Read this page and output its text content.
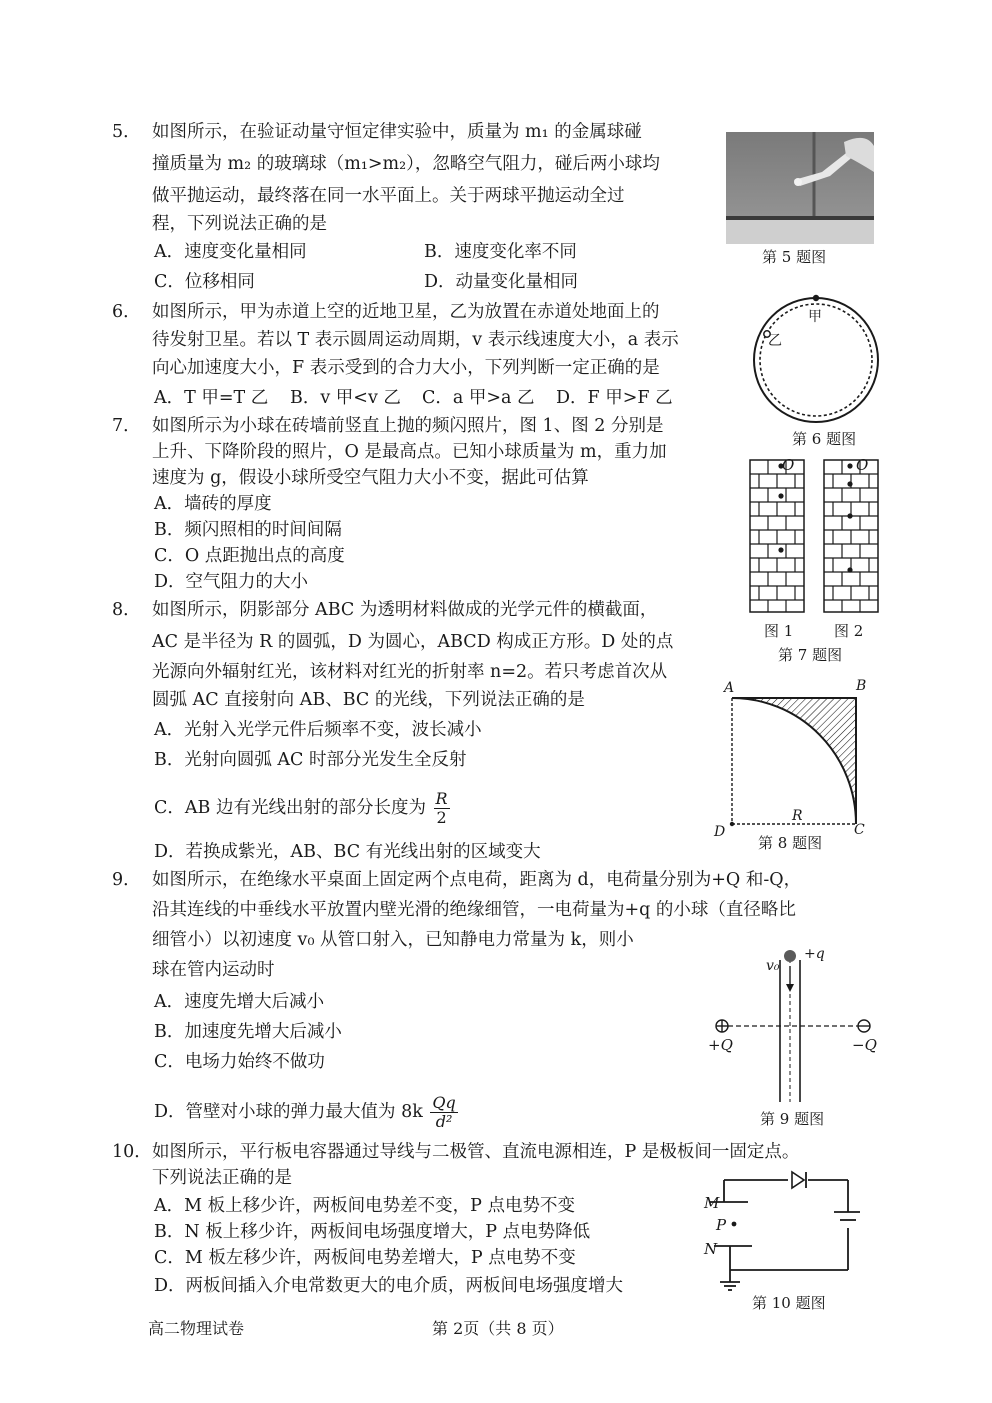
5． 如图所示，在验证动量守恒定律实验中，质量为 m₁ 的金属球碰
撞质量为 m₂ 的玻璃球（m₁>m₂），忽略空气阻力，碰后两小球均
做平抛运动，最终落在同一水平面上。关于两球平抛运动全过
程，下列说法正确的是
A．速度变化量相同	B．速度变化率不同
C．位移相同	D．动量变化量相同
第 5 题图
6． 如图所示，甲为赤道上空的近地卫星，乙为放置在赤道处地面上的
待发射卫星。若以 T 表示圆周运动周期，v 表示线速度大小，a 表示
向心加速度大小，F 表示受到的合力大小，下列判断一定正确的是
A．T 甲=T 乙 B．v 甲<v 乙 C．a 甲>a 乙 D．F 甲>F 乙
甲
乙
第 6 题图
7． 如图所示为小球在砖墙前竖直上抛的频闪照片，图 1、图 2 分别是
上升、下降阶段的照片，O 是最高点。已知小球质量为 m，重力加
速度为 g，假设小球所受空气阻力大小不变，据此可估算
A．墙砖的厚度
B．频闪照相的时间间隔
C．O 点距抛出点的高度
D．空气阻力的大小
O	O
图 1	图 2
第 7 题图
8． 如图所示，阴影部分 ABC 为透明材料做成的光学元件的横截面，
AC 是半径为 R 的圆弧，D 为圆心，ABCD 构成正方形。D 处的点
光源向外辐射红光，该材料对红光的折射率 n=2。若只考虑首次从
圆弧 AC 直接射向 AB、BC 的光线，下列说法正确的是
A．光射入光学元件后频率不变，波长减小
B．光射向圆弧 AC 时部分光发生全反射
C．AB 边有光线出射的部分长度为 $\frac{R}{2}$
D．若换成紫光，AB、BC 有光线出射的区域变大
A	B
C
D
R
第 8 题图
9． 如图所示，在绝缘水平桌面上固定两个点电荷，距离为 d，电荷量分别为+Q 和-Q，
沿其连线的中垂线水平放置内壁光滑的绝缘细管，一电荷量为+q 的小球（直径略比
细管小）以初速度 v₀ 从管口射入，已知静电力常量为 k，则小
球在管内运动时
A．速度先增大后减小
B．加速度先增大后减小
C．电场力始终不做功
D．管壁对小球的弹力最大值为 $8k \frac{Qq}{\text{d²}}$
v₀
+q
+Q	−Q
第 9 题图
10． 如图所示，平行板电容器通过导线与二极管、直流电源相连，P 是极板间一固定点。
下列说法正确的是
A．M 板上移少许，两板间电势差不变，P 点电势不变
B．N 板上移少许，两板间电场强度增大，P 点电势降低
C．M 板左移少许，两板间电势差增大，P 点电势不变
D．两板间插入介电常数更大的电介质，两板间电场强度增大
M
P
N
第 10 题图
高二物理试卷	第 2页（共 8 页）
